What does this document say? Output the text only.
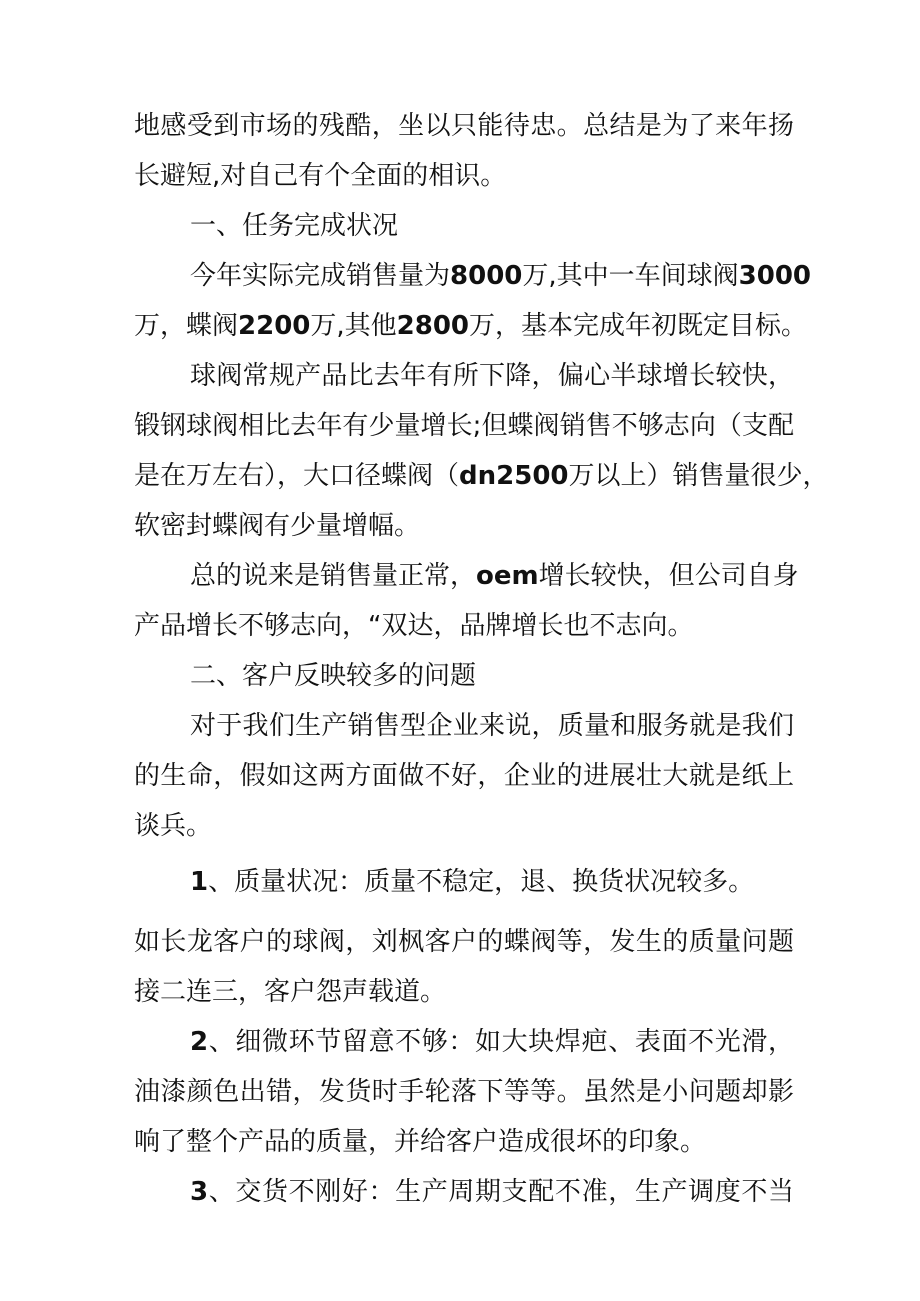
地感受到市场的残酷，坐以只能待忠。总结是为了来年扬

长避短,对自己有个全面的相识。

一、任务完成状况

今年实际完成销售量为8000万,其中一车间球阀3000

万，蝶阀2200万,其他2800万，基本完成年初既定目标。

球阀常规产品比去年有所下降，偏心半球增长较快，

锻钢球阀相比去年有少量增长;但蝶阀销售不够志向（支配

是在万左右），大口径蝶阀（dn2500万以上）销售量很少，

软密封蝶阀有少量增幅。

总的说来是销售量正常，oem增长较快，但公司自身

产品增长不够志向，“双达，品牌增长也不志向。

二、客户反映较多的问题

对于我们生产销售型企业来说，质量和服务就是我们

的生命，假如这两方面做不好，企业的进展壮大就是纸上

谈兵。

1、质量状况：质量不稳定，退、换货状况较多。

如长龙客户的球阀，刘枫客户的蝶阀等，发生的质量问题

接二连三，客户怨声载道。

2、细微环节留意不够：如大块焊疤、表面不光滑，

油漆颜色出错，发货时手轮落下等等。虽然是小问题却影

响了整个产品的质量，并给客户造成很坏的印象。

3、交货不刚好：生产周期支配不准，生产调度不当
